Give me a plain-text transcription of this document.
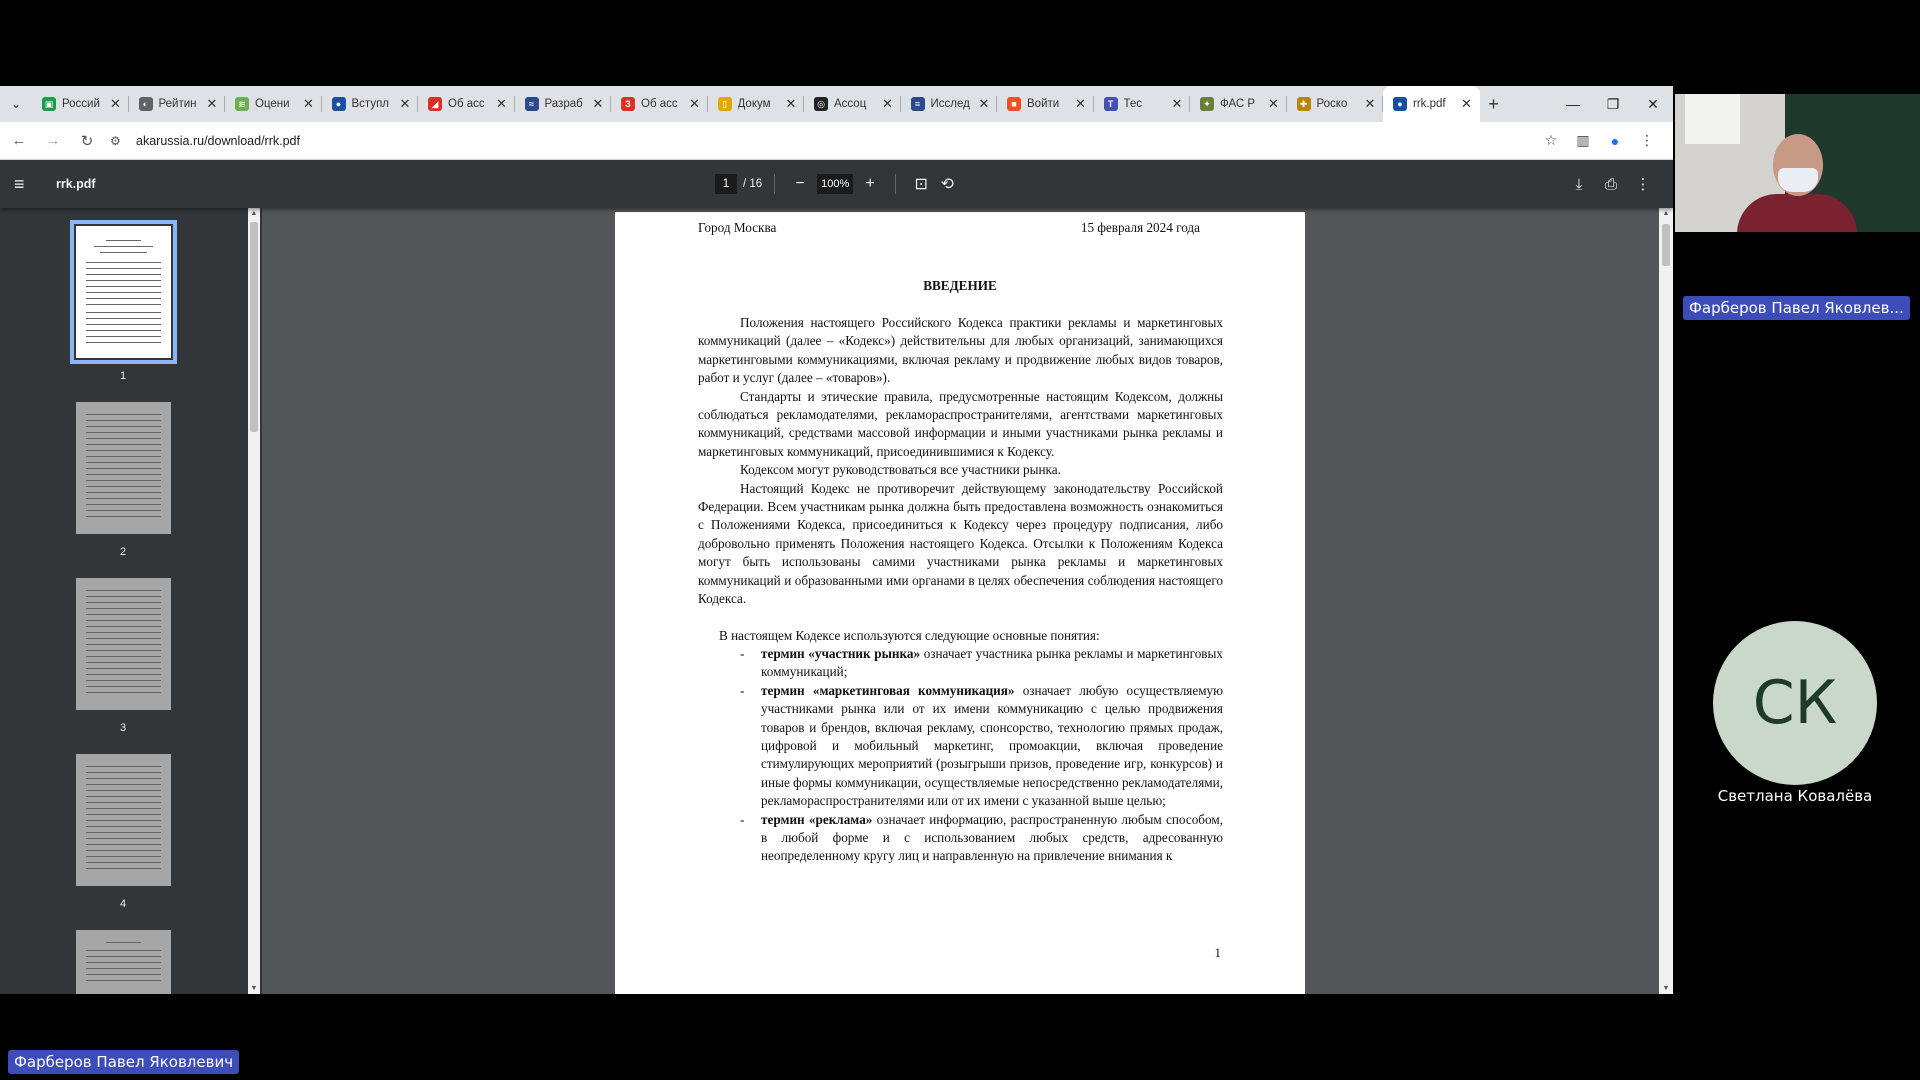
⌄	▣ Россий ✕	◐ Рейтин ✕	≋ Оцени	✕	● Вступл ✕	◢ Об асс ✕	≈ Разраб ✕	З Об асс ✕	▯ Докум	✕	◎ Ассоц	✕	≡ Исслед ✕	■ Войти	✕	T Тес	✕	✦ ФАС Р ✕	✚ Роско	✕	● rrk.pdf	✕ +	—	❐	✕
←	→	↻	⚙	akarussia.ru/download/rrk.pdf	☆	▥	●	⋮
≡	rrk.pdf	1	/ 16	−	100%	+	⊡ ⟲	⤓	⎙	⋮
1
2
3
4
▲
▼
Город Москва	15 февраля 2024 года
ВВЕДЕНИЕ

Положения настоящего Российского Кодекса практики рекламы и маркетинговых коммуникаций (далее – «Кодекс») действительны для любых организаций, занимающихся маркетинговыми коммуникациями, включая рекламу и продвижение любых видов товаров, работ и услуг (далее – «товаров»).

Стандарты и этические правила, предусмотренные настоящим Кодексом, должны соблюдаться рекламодателями, рекламораспространителями, агентствами маркетинговых коммуникаций, средствами массовой информации и иными участниками рынка рекламы и маркетинговых коммуникаций, присоединившимися к Кодексу.

Кодексом могут руководствоваться все участники рынка.

Настоящий Кодекс не противоречит действующему законодательству Российской Федерации. Всем участникам рынка должна быть предоставлена возможность ознакомиться с Положениями Кодекса, присоединиться к Кодексу через процедуру подписания, либо добровольно применять Положения настоящего Кодекса. Отсылки к Положениям Кодекса могут быть использованы самими участниками рынка рекламы и маркетинговых коммуникаций и образованными ими органами в целях обеспечения соблюдения настоящего Кодекса.

В настоящем Кодексе используются следующие основные понятия:

- термин «участник рынка» означает участника рынка рекламы и маркетинговых коммуникаций;
- термин «маркетинговая коммуникация» означает любую осуществляемую участниками рынка или от их имени коммуникацию с целью продвижения товаров и брендов, включая рекламу, спонсорство, технологию прямых продаж, цифровой и мобильный маркетинг, промоакции, включая проведение стимулирующих мероприятий (розыгрыши призов, проведение игр, конкурсов) и иные формы коммуникации, осуществляемые непосредственно рекламодателями, рекламораспространителями или от их имени с указанной выше целью;
- термин «реклама» означает информацию, распространенную любым способом, в любой форме и с использованием любых средств, адресованную неопределенному кругу лиц и направленную на привлечение внимания к
1
▲
▼
Фарберов Павел Яковлев...
СК
Светлана Ковалёва
Фарберов Павел Яковлевич
